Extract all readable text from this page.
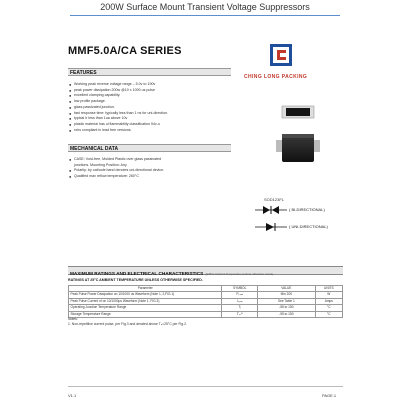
200W Surface Mount Transient Voltage Suppressors
MMF5.0A/CA SERIES
CHING LONG PACKING
FEATURES
● Working peak reverse voltage range – 5.0v to 190v
● peak power dissipation 200w @10 x 1000 us pulse
● excellent clamping capability.
● low profile package.
● glass passivated junction.
● fast response time: typically less than 1 ns for uni-direction.
● typical Ir less than 1ua above 10v
● plastic material has ul flammability classification 94v-o
● rohs compliant in lead free versions.
MECHANICAL DATA
● CASE: Void-free, Molded Plastic over glass passivated
junctions. Mounting Position: Any
● Polarity: by cathode band denotes uni-directional device.
● Qualified max reflow temperature: 260°C
SOD123FL
( BI-DIRECTIONAL)
( UNI-DIRECTIONAL)
MAXIMUM RATINGS AND ELECTRICAL CHARACTERISTICS @25°C Ambient Temperature (unless otherwise noted)
RATINGS AT 25°C AMBIENT TEMPERATURE UNLESS OTHERWISE SPECIFIED.
Parameter	SYMBOL	VALUE	UNITS
Peak Pulse Power Dissipation on 10/1000 us Waveform (Note 1, 2,FIG.1)	Pₚₚₘ	Min 200	W
Peak Pulse Current of on 10/1000µs Waveform (Note 1, FIG.3)	Iₚₚₘ	See Table 1	Amps
Operating Junction Temperature Range	Tⱼ	-55 to 150	°C
Storage Temperature Range	Tₛₜᴳ	-55 to 150	°C
Notes:
1. Non-repetitive current pulse, per Fig.3 and derated above Tₐ=25°C per Fig.2.
V1.1	PAGE.1
